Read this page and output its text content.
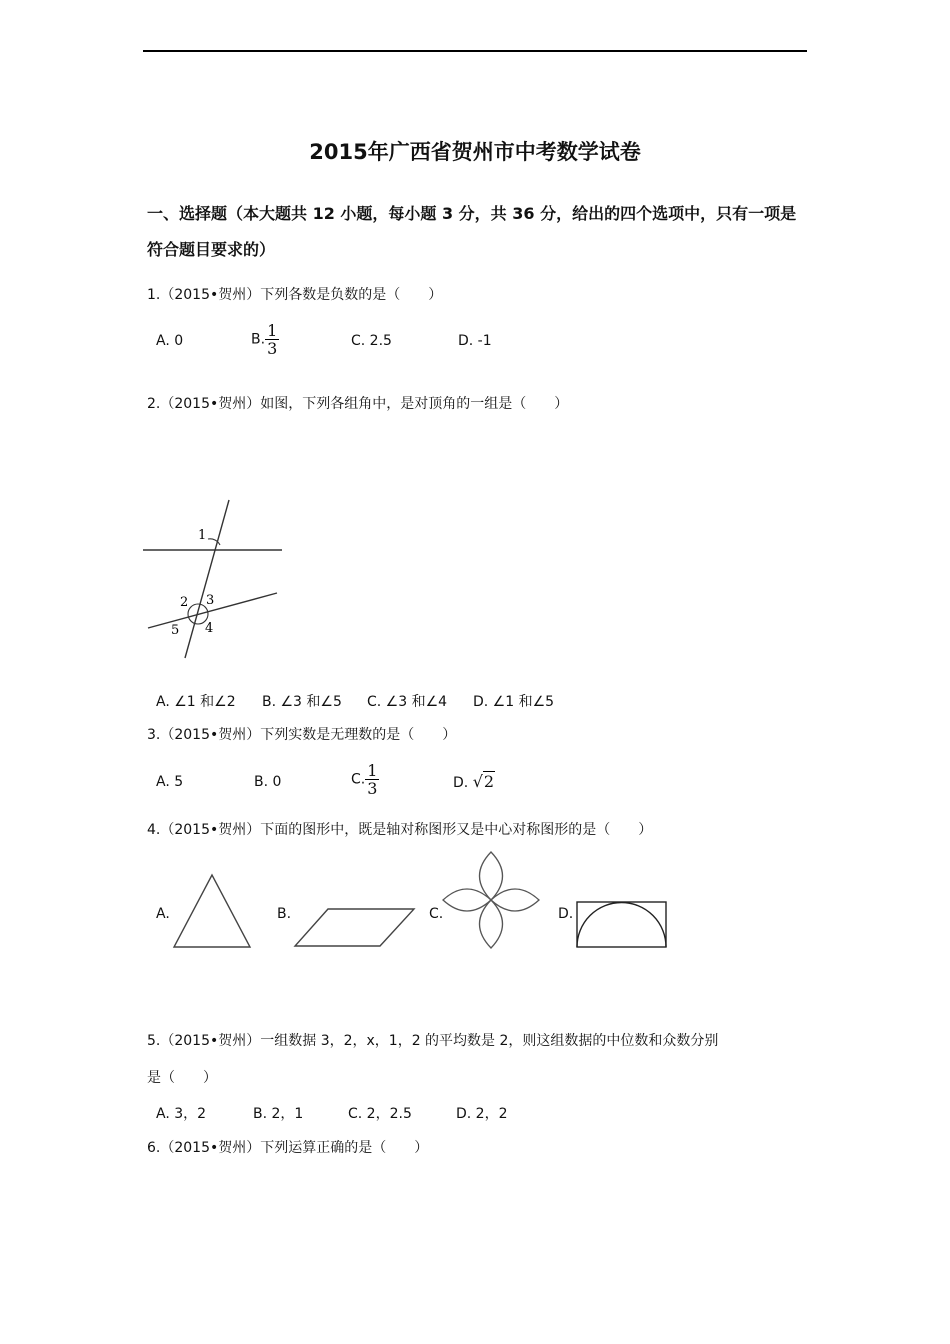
2015年广西省贺州市中考数学试卷
一、选择题（本大题共 12 小题，每小题 3 分，共 36 分，给出的四个选项中，只有一项是符合题目要求的）
1.（2015•贺州）下列各数是负数的是（　　）
A. 0	B. $\frac{1}{3}$	C. 2.5	D. -1
2.（2015•贺州）如图，下列各组角中，是对顶角的一组是（　　）
1
2 3
4
5
A. ∠1 和∠2 B. ∠3 和∠5 C. ∠3 和∠4 D. ∠1 和∠5
3.（2015•贺州）下列实数是无理数的是（　　）
A. 5	B. 0	C. $\frac{1}{3}$	D. √2
4.（2015•贺州）下面的图形中，既是轴对称图形又是中心对称图形的是（　　）
A.	B.	C.	D.
5.（2015•贺州）一组数据 3，2，x，1，2 的平均数是 2，则这组数据的中位数和众数分别
是（　　）
A. 3，2	B. 2，1	C. 2，2.5	D. 2，2
6.（2015•贺州）下列运算正确的是（　　）
